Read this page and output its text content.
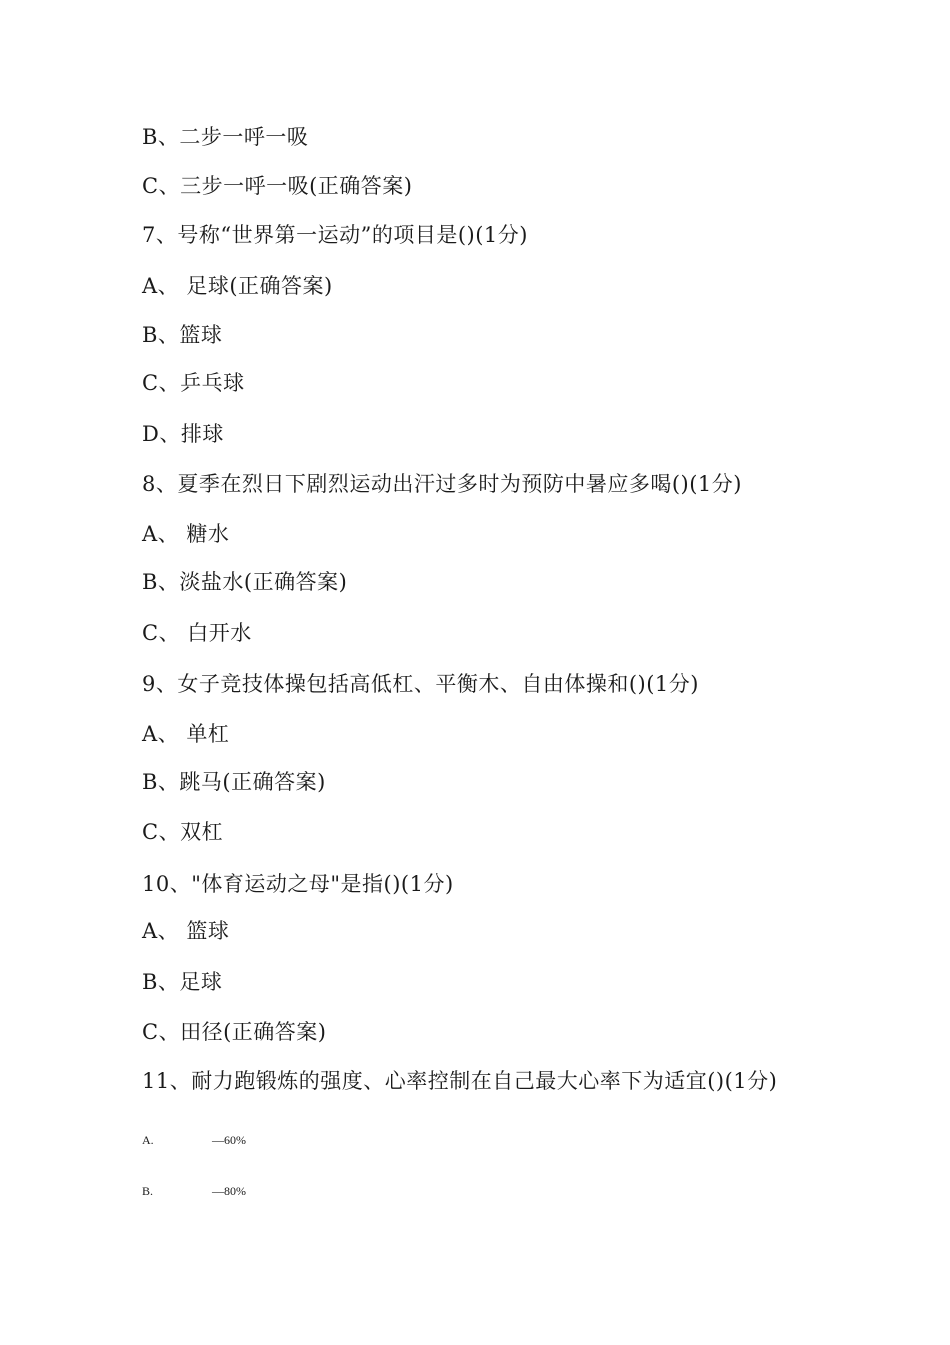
B、二步一呼一吸
C、三步一呼一吸(正确答案)
7、号称“世界第一运动”的项目是()(1分)
A、 足球(正确答案)
B、篮球
C、乒乓球
D、排球
8、夏季在烈日下剧烈运动出汗过多时为预防中暑应多喝()(1分)
A、 糖水
B、淡盐水(正确答案)
C、 白开水
9、女子竞技体操包括高低杠、平衡木、自由体操和()(1分)
A、 单杠
B、跳马(正确答案)
C、双杠
10、"体育运动之母"是指()(1分)
A、 篮球
B、足球
C、田径(正确答案)
11、耐力跑锻炼的强度、心率控制在自己最大心率下为适宜()(1分)
A.	—60%
B.	—80%
